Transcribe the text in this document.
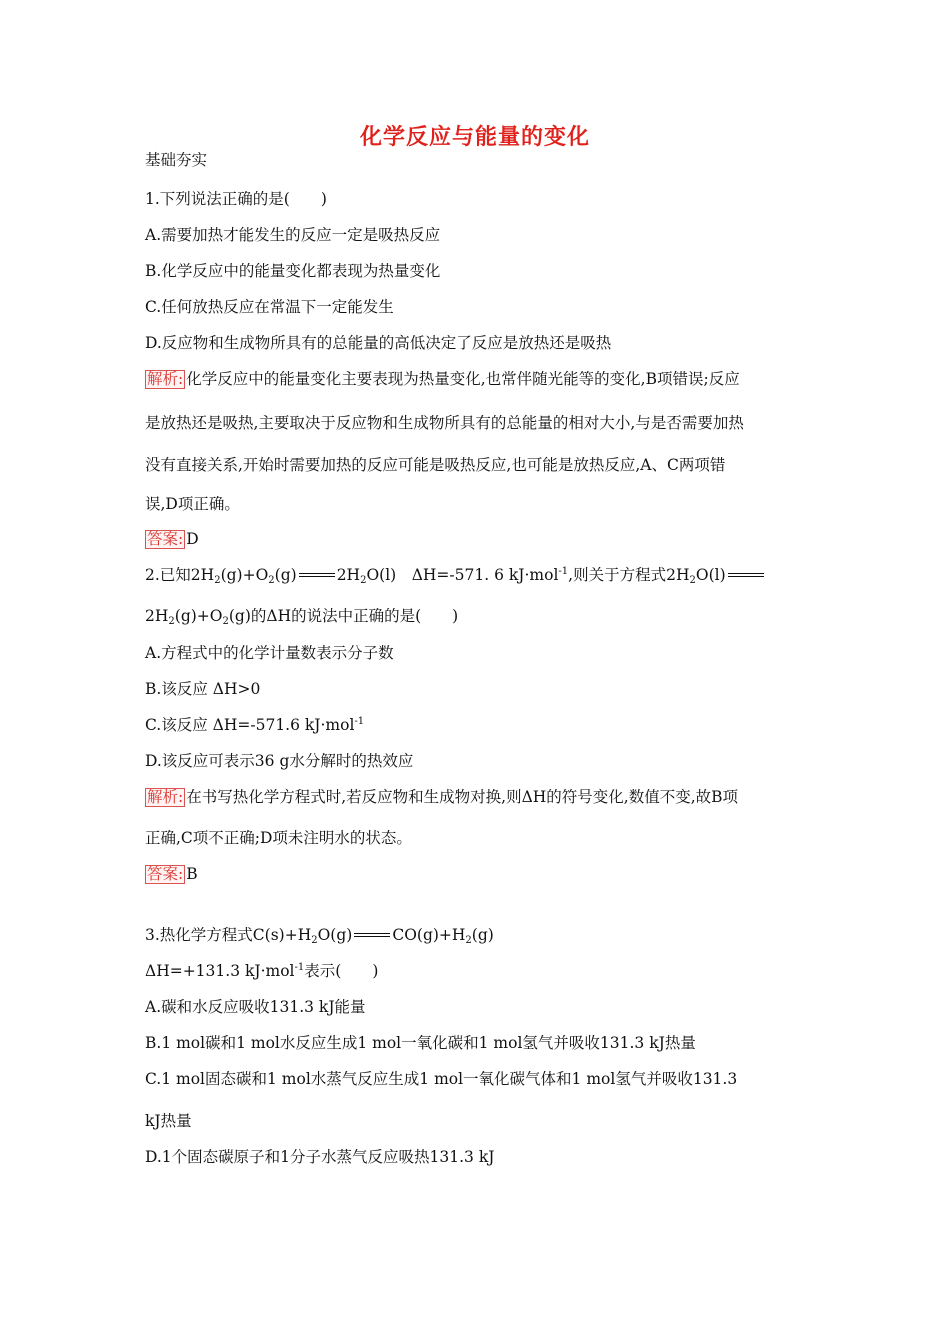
化学反应与能量的变化
基础夯实
1.下列说法正确的是(　　)
A.需要加热才能发生的反应一定是吸热反应
B.化学反应中的能量变化都表现为热量变化
C.任何放热反应在常温下一定能发生
D.反应物和生成物所具有的总能量的高低决定了反应是放热还是吸热
解析: 化学反应中的能量变化主要表现为热量变化,也常伴随光能等的变化,B项错误;反应
是放热还是吸热,主要取决于反应物和生成物所具有的总能量的相对大小,与是否需要加热
没有直接关系,开始时需要加热的反应可能是吸热反应,也可能是放热反应,A、C两项错
误,D项正确。
答案: D
2.已知$2H_2(g)+O_2(g)$	$2H_2O(l)$　ΔH=-571. 6 kJ·mol$^{-1}$,则关于方程式$2H_2O(l)$
$2H_2(g)+O_2(g)$的ΔH的说法中正确的是(　　)
A.方程式中的化学计量数表示分子数
B.该反应 ΔH>0
C.该反应 ΔH=-571.6 kJ·mol$^{-1}$
D.该反应可表示36 g水分解时的热效应
解析: 在书写热化学方程式时,若反应物和生成物对换,则ΔH的符号变化,数值不变,故B项
正确,C项不正确;D项未注明水的状态。
答案: B
3.热化学方程式$C(s)+H_2O(g)$	$CO(g)+H_2(g)$
ΔH=+131.3 kJ·mol$^{-1}$表示(　　)
A.碳和水反应吸收131.3 kJ能量
B.1 mol碳和1 mol水反应生成1 mol一氧化碳和1 mol氢气并吸收131.3 kJ热量
C.1 mol固态碳和1 mol水蒸气反应生成1 mol一氧化碳气体和1 mol氢气并吸收131.3
kJ热量
D.1个固态碳原子和1分子水蒸气反应吸热131.3 kJ
